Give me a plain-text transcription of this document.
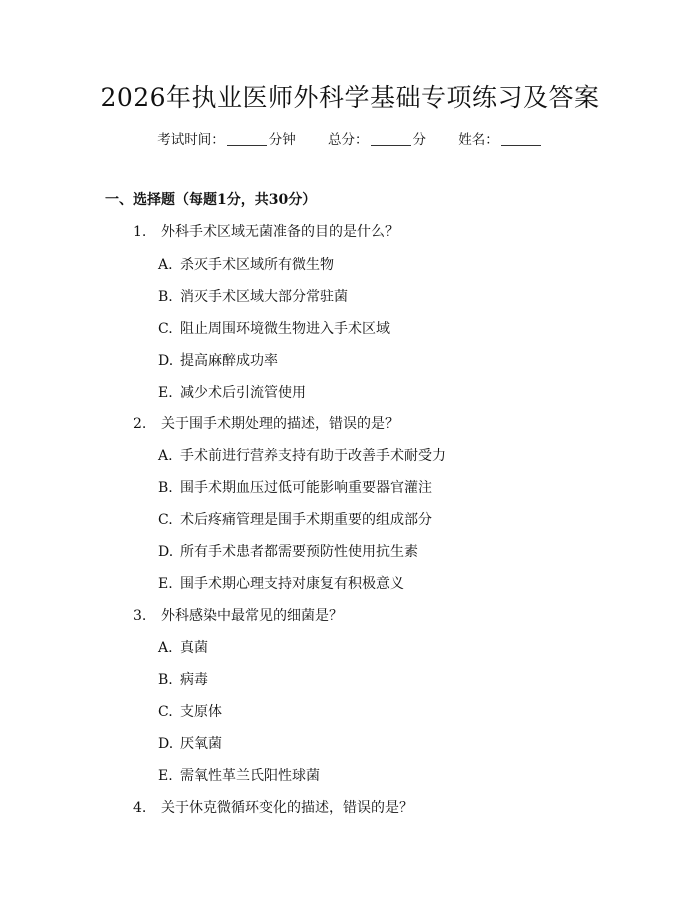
2026年执业医师外科学基础专项练习及答案
考试时间：	分钟 总分：	分 姓名：
一、选择题（每题1分，共30分）
1. 外科手术区域无菌准备的目的是什么？
A. 杀灭手术区域所有微生物
B. 消灭手术区域大部分常驻菌
C. 阻止周围环境微生物进入手术区域
D. 提高麻醉成功率
E. 减少术后引流管使用
2. 关于围手术期处理的描述，错误的是？
A. 手术前进行营养支持有助于改善手术耐受力
B. 围手术期血压过低可能影响重要器官灌注
C. 术后疼痛管理是围手术期重要的组成部分
D. 所有手术患者都需要预防性使用抗生素
E. 围手术期心理支持对康复有积极意义
3. 外科感染中最常见的细菌是？
A. 真菌
B. 病毒
C. 支原体
D. 厌氧菌
E. 需氧性革兰氏阳性球菌
4. 关于休克微循环变化的描述，错误的是？
